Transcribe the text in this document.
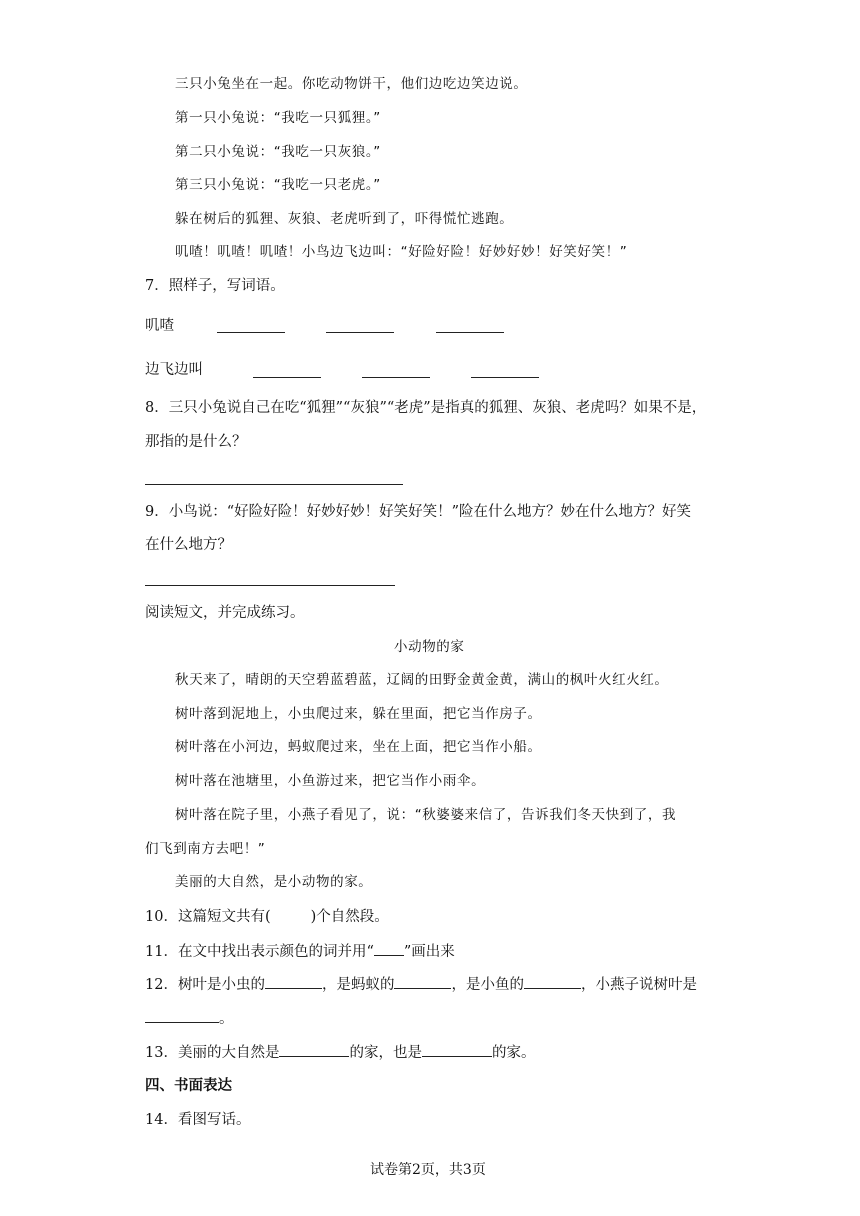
三只小兔坐在一起。你吃动物饼干，他们边吃边笑边说。
第一只小兔说：“我吃一只狐狸。”
第二只小兔说：“我吃一只灰狼。”
第三只小兔说：“我吃一只老虎。”
躲在树后的狐狸、灰狼、老虎听到了，吓得慌忙逃跑。
叽喳！叽喳！叽喳！小鸟边飞边叫：“好险好险！好妙好妙！好笑好笑！”
7．照样子，写词语。
叽喳
边飞边叫
8．三只小兔说自己在吃“狐狸”“灰狼”“老虎”是指真的狐狸、灰狼、老虎吗？如果不是，
那指的是什么？
9．小鸟说：“好险好险！好妙好妙！好笑好笑！”险在什么地方？妙在什么地方？好笑
在什么地方？
阅读短文，并完成练习。
小动物的家
秋天来了，晴朗的天空碧蓝碧蓝，辽阔的田野金黄金黄，满山的枫叶火红火红。
树叶落到泥地上，小虫爬过来，躲在里面，把它当作房子。
树叶落在小河边，蚂蚁爬过来，坐在上面，把它当作小船。
树叶落在池塘里，小鱼游过来，把它当作小雨伞。
树叶落在院子里，小燕子看见了，说：“秋婆婆来信了，告诉我们冬天快到了，我
们飞到南方去吧！”
美丽的大自然，是小动物的家。
10．这篇短文共有(	)个自然段。
11．在文中找出表示颜色的词并用“ ”画出来
12．树叶是小虫的	，是蚂蚁的	，是小鱼的	，小燕子说树叶是
。
13．美丽的大自然是	的家，也是	的家。
四、书面表达
14．看图写话。
试卷第2页，共3页
